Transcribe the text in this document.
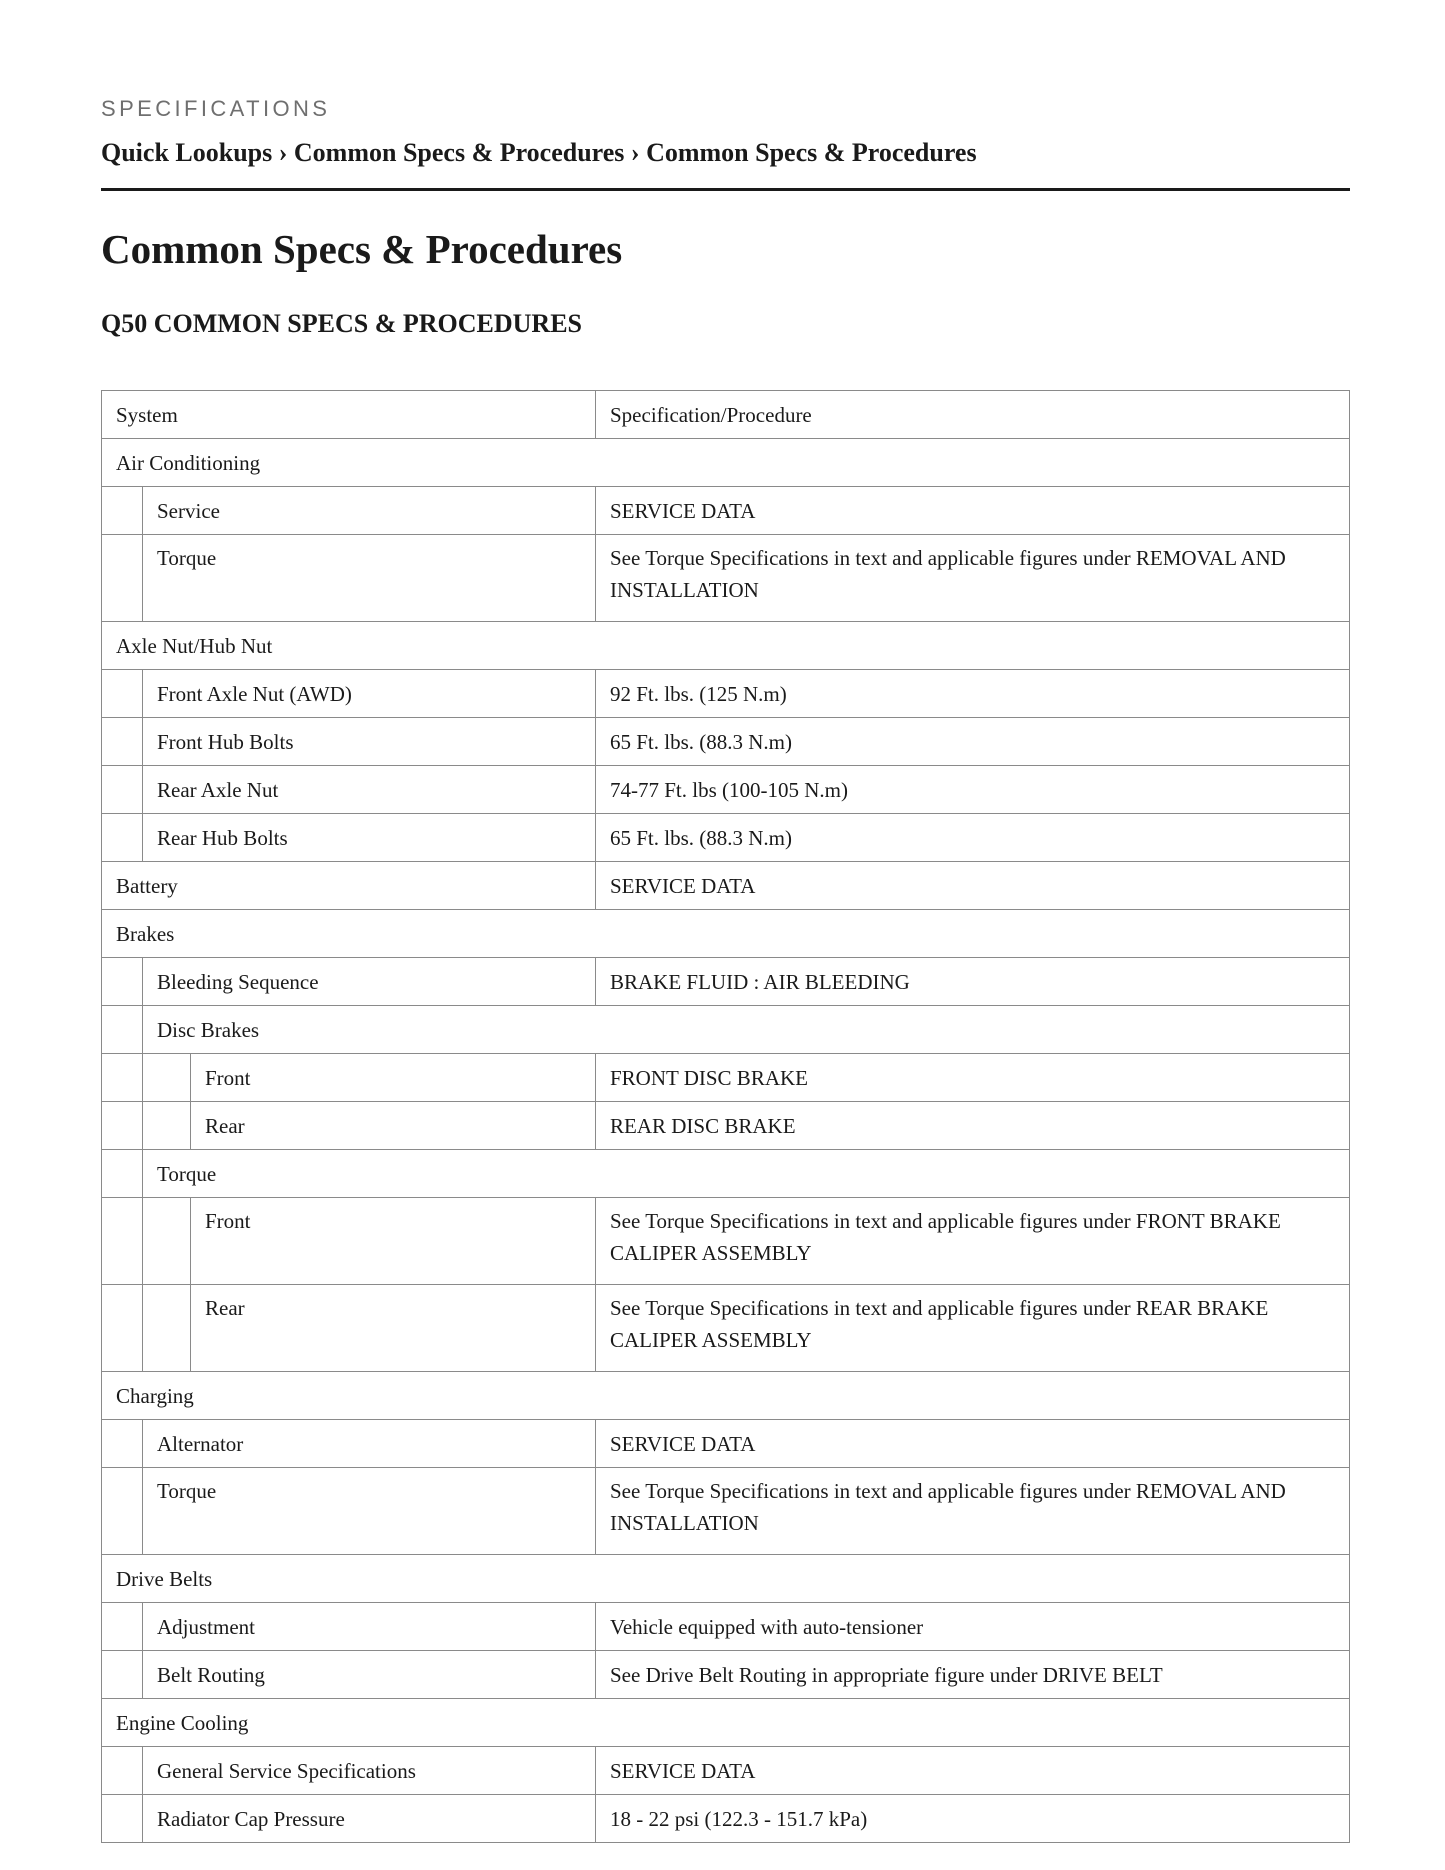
SPECIFICATIONS
Quick Lookups › Common Specs & Procedures › Common Specs & Procedures
Common Specs & Procedures
Q50 COMMON SPECS & PROCEDURES
System			Specification/Procedure
Air Conditioning			
	Service		SERVICE DATA
	Torque		See Torque Specifications in text and applicable figures under REMOVAL AND INSTALLATION
Axle Nut/Hub Nut			
	Front Axle Nut (AWD)		92 Ft. lbs. (125 N.m)
	Front Hub Bolts		65 Ft. lbs. (88.3 N.m)
	Rear Axle Nut		74-77 Ft. lbs (100-105 N.m)
	Rear Hub Bolts		65 Ft. lbs. (88.3 N.m)
Battery			SERVICE DATA
Brakes			
	Bleeding Sequence		BRAKE FLUID : AIR BLEEDING
	Disc Brakes		
		Front	FRONT DISC BRAKE
		Rear	REAR DISC BRAKE
	Torque		
		Front	See Torque Specifications in text and applicable figures under FRONT BRAKE CALIPER ASSEMBLY
		Rear	See Torque Specifications in text and applicable figures under REAR BRAKE CALIPER ASSEMBLY
Charging			
	Alternator		SERVICE DATA
	Torque		See Torque Specifications in text and applicable figures under REMOVAL AND INSTALLATION
Drive Belts			
	Adjustment		Vehicle equipped with auto-tensioner
	Belt Routing		See Drive Belt Routing in appropriate figure under DRIVE BELT
Engine Cooling			
	General Service Specifications		SERVICE DATA
	Radiator Cap Pressure		18 - 22 psi (122.3 - 151.7 kPa)
